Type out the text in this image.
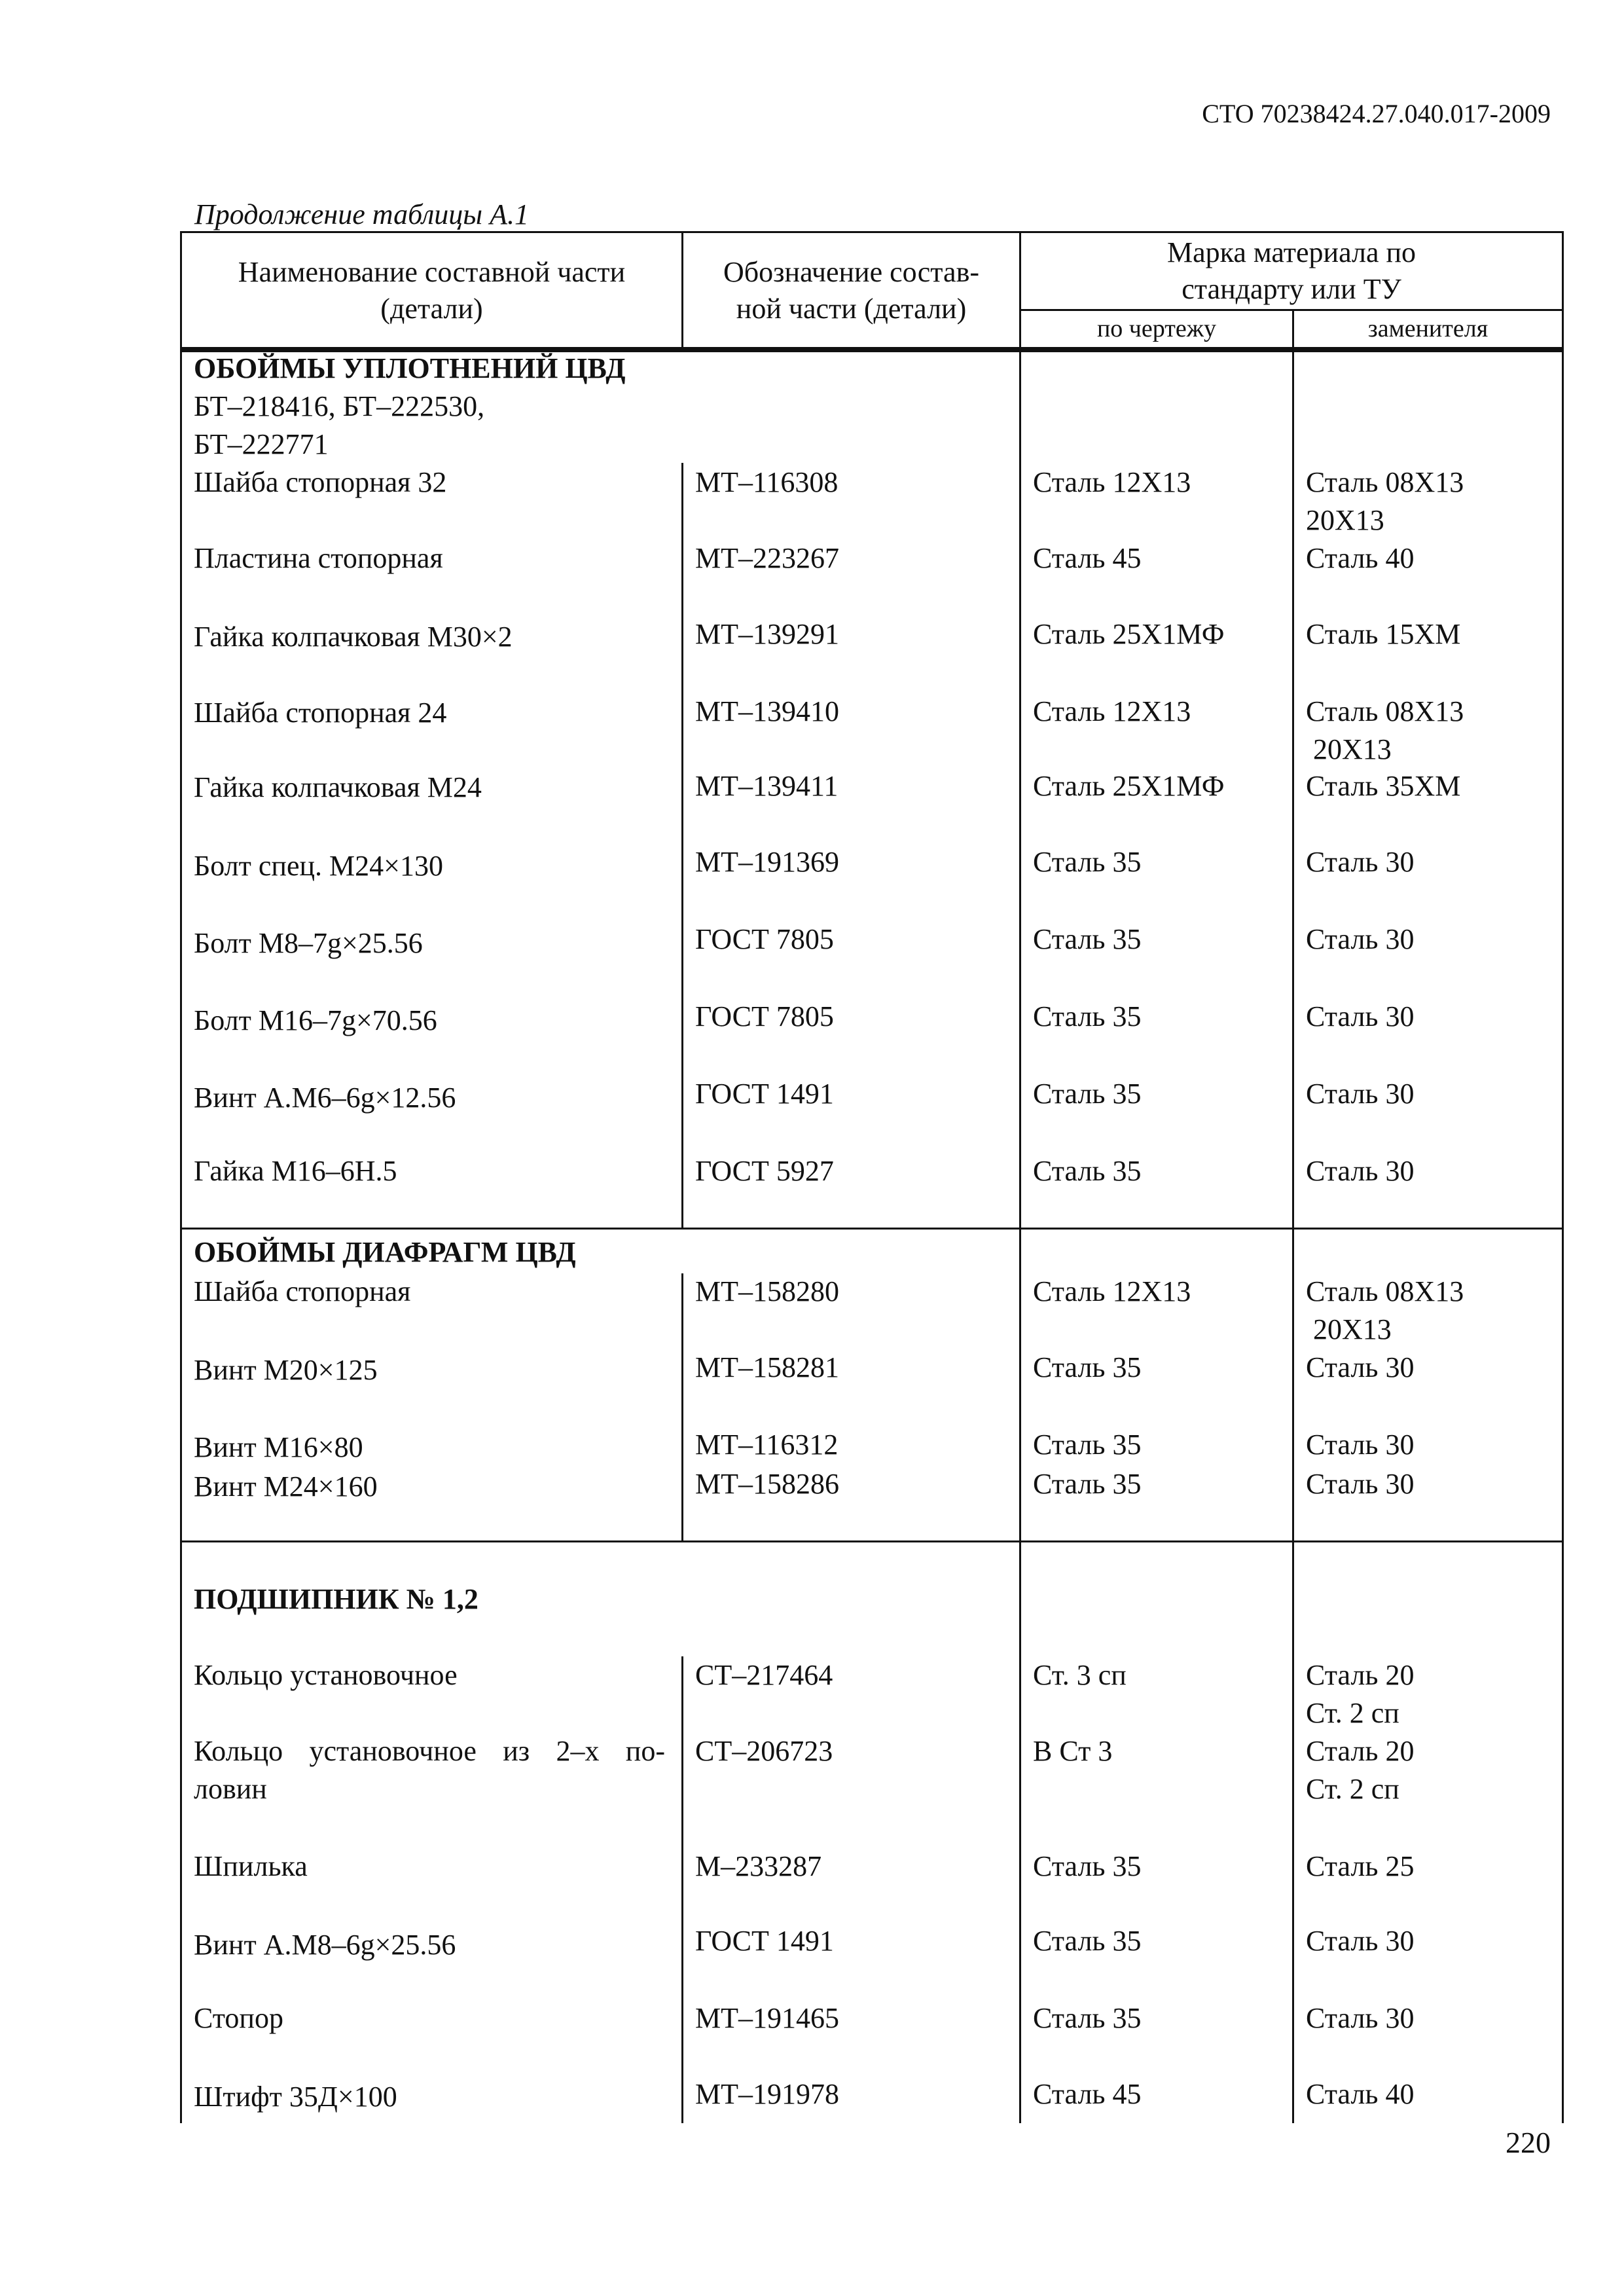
СТО 70238424.27.040.017-2009
Продолжение таблицы А.1
220
Наименование составной части
(детали)
Обозначение состав-
ной части (детали)
Марка материала по
стандарту или ТУ
по чертежу	заменителя
ОБОЙМЫ УПЛОТНЕНИЙ ЦВД
БТ–218416, БТ–222530,
БТ–222771
Шайба стопорная 32	МТ–116308	Сталь 12Х13	Сталь 08Х13
20Х13
Пластина стопорная	МТ–223267	Сталь 45	Сталь 40
Гайка колпачковая М30×2	МТ–139291	Сталь 25Х1МФ	Сталь 15ХМ
Шайба стопорная 24	МТ–139410	Сталь 12Х13	Сталь 08Х13
20Х13
Гайка колпачковая М24	МТ–139411	Сталь 25Х1МФ	Сталь 35ХМ
Болт спец. М24×130	МТ–191369	Сталь 35	Сталь 30
Болт М8–7g×25.56	ГОСТ 7805	Сталь 35	Сталь 30
Болт М16–7g×70.56	ГОСТ 7805	Сталь 35	Сталь 30
Винт А.М6–6g×12.56	ГОСТ 1491	Сталь 35	Сталь 30
Гайка М16–6Н.5	ГОСТ 5927	Сталь 35	Сталь 30
ОБОЙМЫ ДИАФРАГМ ЦВД
Шайба стопорная	МТ–158280	Сталь 12Х13	Сталь 08Х13
20Х13
Винт М20×125	МТ–158281	Сталь 35	Сталь 30
Винт М16×80	МТ–116312	Сталь 35	Сталь 30
Винт М24×160	МТ–158286	Сталь 35	Сталь 30
ПОДШИПНИК № 1,2
Кольцо установочное	СТ–217464	Ст. 3 сп	Сталь 20
Ст. 2 сп
Кольцо установочное из 2–х по-
ловин
СТ–206723	В Ст 3	Сталь 20
Ст. 2 сп
Шпилька	М–233287	Сталь 35	Сталь 25
Винт А.М8–6g×25.56	ГОСТ 1491	Сталь 35	Сталь 30
Стопор	МТ–191465	Сталь 35	Сталь 30
Штифт 35Д×100	МТ–191978	Сталь 45	Сталь 40
